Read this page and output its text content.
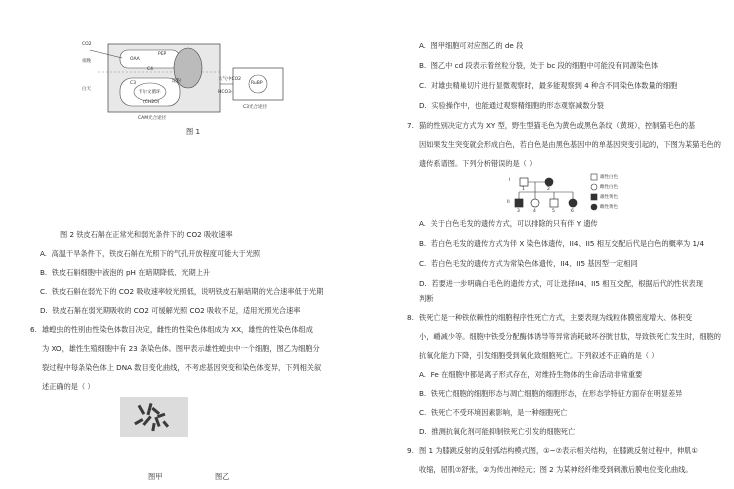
CO2
夜晚
白天
OAA
PEP
C4
淀粉
卡尔文循环
C3
(CH2O)
大气中CO2
HCO3-
RuBP
CAM光合途径
C3光合途径
图 1
图 2 铁皮石斛在正常光和弱光条件下的 CO2 吸收速率
A. 高温干旱条件下，铁皮石斛在光照下的气孔开放程度可能大于光照
B. 铁皮石斛细胞中液泡的 pH 在暗期降低、光期上升
C. 铁皮石斛在弱光下的 CO2 吸收速率较光照低，说明铁皮石斛暗期的光合速率低于光期
D. 铁皮石斛在弱光期吸收的 CO2 可缓解光照 CO2 吸收不足，适用光照光合速率
6. 雄蝗虫的性别由性染色体数目决定，雌性的性染色体组成为 XX，雄性的性染色体组成
为 XO，雄性生殖细胞中有 23 条染色体。图甲表示雄性蝗虫中一个细胞，图乙为细胞分
裂过程中每条染色体上 DNA 数目变化曲线，不考虑基因突变和染色体变异，下列相关叙
述正确的是（ ）
图甲	图乙
A. 图甲细胞可对应图乙的 de 段
B. 图乙中 cd 段表示着丝粒分裂，处于 bc 段的细胞中可能没有同源染色体
C. 对雄虫精巢切片进行显微观察时，最多能观察到 4 种含不同染色体数量的细胞
D. 实验操作中，也能通过观察精细胞的形态观察减数分裂
7. 猫的性别决定方式为 XY 型，野生型猫毛色为黄色或黑色条纹（黄斑），控制猫毛色的基
因如果发生突变就会形成白色，若白色是由黑色基因中的单基因突变引起的，下图为某猫毛色的
遗传系谱图。下列分析错误的是（ ）
I
II
1	2
3	4	5	6
雄性白色
雌性白色
雄性黄色
雌性黄色
A. 关于白色毛发的遗传方式，可以排除的只有伴 Y 遗传
B. 若白色毛发的遗传方式为伴 X 染色体遗传，II4、II5 相互交配后代是白色的概率为 1/4
C. 若白色毛发的遗传方式为常染色体遗传，II4、II5 基因型一定相同
D. 若要进一步明确白毛色的遗传方式，可让选择II4、II5 相互交配，根据后代的性状表现
判断
8. 铁死亡是一种铁依赖性的细胞程序性死亡方式，主要表现为线粒体膜密度增大、体积变
小，嵴减少等。细胞中铁受分配酶体诱导等异常消耗破坏谷胱甘肽，导致铁死亡发生时，细胞的
抗氧化能力下降，引发细胞受到氧化致细胞死亡。下列叙述不正确的是（ ）
A. Fe 在细胞中都是离子形式存在，对维持生物体的生命活动非常重要
B. 铁死亡细胞的细胞形态与凋亡细胞的细胞形态，在形态学特征方面存在明显差异
C. 铁死亡不受环境因素影响，是一种细胞死亡
D. 推测抗氧化剂可能抑制铁死亡引发的细胞死亡
9. 图 1 为膝跳反射的反射弧结构模式图，①~⑦表示相关结构，在膝跳反射过程中，伸肌①
收缩，屈肌⑦舒张，②为传出神经元；图 2 为某神经纤维受到刺激后膜电位变化曲线。
